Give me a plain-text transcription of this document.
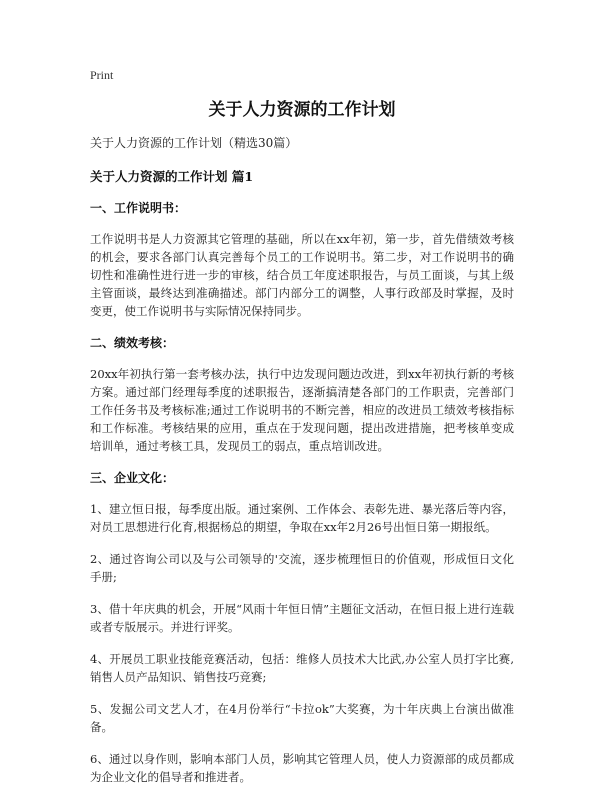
Print
关于人力资源的工作计划
关于人力资源的工作计划（精选30篇）
关于人力资源的工作计划 篇1
一、工作说明书：

工作说明书是人力资源其它管理的基础，所以在xx年初，第一步，首先借绩效考核的机会，要求各部门认真完善每个员工的工作说明书。第二步，对工作说明书的确切性和准确性进行进一步的审核，结合员工年度述职报告，与员工面谈，与其上级主管面谈，最终达到准确描述。部门内部分工的调整，人事行政部及时掌握，及时变更，使工作说明书与实际情况保持同步。

二、绩效考核：

20xx年初执行第一套考核办法，执行中边发现问题边改进，到xx年初执行新的考核方案。通过部门经理每季度的述职报告，逐渐搞清楚各部门的工作职责，完善部门工作任务书及考核标准;通过工作说明书的不断完善，相应的改进员工绩效考核指标和工作标准。考核结果的应用，重点在于发现问题，提出改进措施，把考核单变成培训单，通过考核工具，发现员工的弱点，重点培训改进。

三、企业文化：

1、建立恒日报，每季度出版。通过案例、工作体会、表彰先进、暴光落后等内容，对员工思想进行化育,根据杨总的期望，争取在xx年2月26号出恒日第一期报纸。

2、通过咨询公司以及与公司领导的'交流，逐步梳理恒日的价值观，形成恒日文化手册;

3、借十年庆典的机会，开展“风雨十年恒日情”主题征文活动，在恒日报上进行连载或者专版展示。并进行评奖。

4、开展员工职业技能竞赛活动，包括：维修人员技术大比武,办公室人员打字比赛,销售人员产品知识、销售技巧竞赛;

5、发掘公司文艺人才，在4月份举行“卡拉ok”大奖赛，为十年庆典上台演出做准备。

6、通过以身作则，影响本部门人员，影响其它管理人员，使人力资源部的成员都成为企业文化的倡导者和推进者。
